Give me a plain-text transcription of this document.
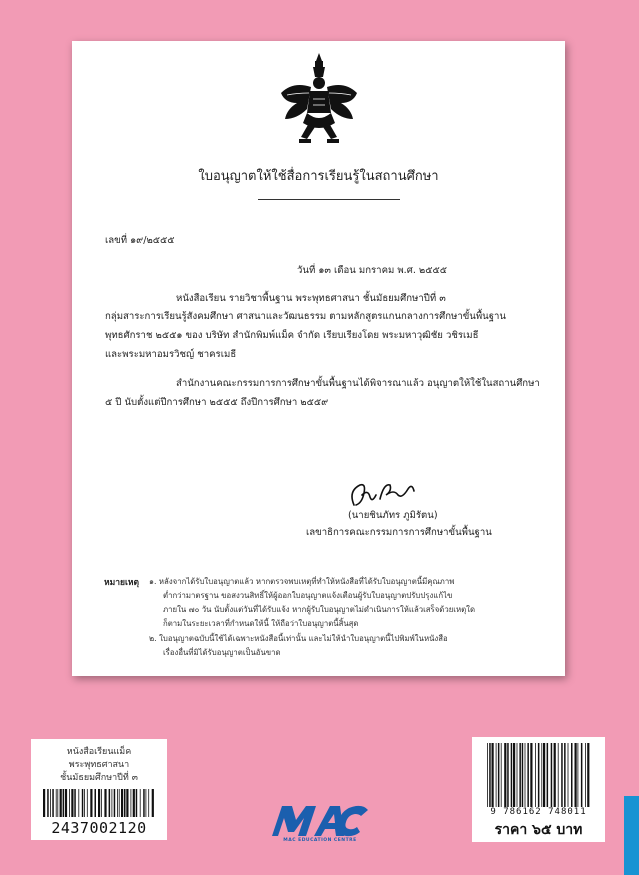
ใบอนุญาตให้ใช้สื่อการเรียนรู้ในสถานศึกษา
เลขที่ ๑๙/๒๕๕๕
วันที่ ๑๓ เดือน มกราคม พ.ศ. ๒๕๕๕
หนังสือเรียน รายวิชาพื้นฐาน พระพุทธศาสนา ชั้นมัธยมศึกษาปีที่ ๓
กลุ่มสาระการเรียนรู้สังคมศึกษา ศาสนาและวัฒนธรรม ตามหลักสูตรแกนกลางการศึกษาขั้นพื้นฐาน
พุทธศักราช ๒๕๕๑ ของ บริษัท สำนักพิมพ์แม็ค จำกัด เรียบเรียงโดย พระมหาวุฒิชัย วชิรเมธี
และพระมหาอมรวิชญ์ ชาครเมธี
สำนักงานคณะกรรมการการศึกษาขั้นพื้นฐานได้พิจารณาแล้ว อนุญาตให้ใช้ในสถานศึกษา
๕ ปี นับตั้งแต่ปีการศึกษา ๒๕๕๕ ถึงปีการศึกษา ๒๕๕๙
(นายชินภัทร ภูมิรัตน)
เลขาธิการคณะกรรมการการศึกษาขั้นพื้นฐาน
หมายเหตุ ๑. หลังจากได้รับใบอนุญาตแล้ว หากตรวจพบเหตุที่ทำให้หนังสือที่ได้รับใบอนุญาตนี้มีคุณภาพ
ต่ำกว่ามาตรฐาน ขอสงวนสิทธิ์ให้ผู้ออกใบอนุญาตแจ้งเตือนผู้รับใบอนุญาตปรับปรุงแก้ไข
ภายใน ๗๐ วัน นับตั้งแต่วันที่ได้รับแจ้ง หากผู้รับใบอนุญาตไม่ดำเนินการให้แล้วเสร็จด้วยเหตุใด
ก็ตามในระยะเวลาที่กำหนดให้นี้ ให้ถือว่าใบอนุญาตนี้สิ้นสุด
๒. ใบอนุญาตฉบับนี้ใช้ได้เฉพาะหนังสือนี้เท่านั้น และไม่ให้นำใบอนุญาตนี้ไปพิมพ์ในหนังสือ
เรื่องอื่นที่มิได้รับอนุญาตเป็นอันขาด
หนังสือเรียนแม็ค
พระพุทธศาสนา
ชั้นมัธยมศึกษาปีที่ ๓
2437002120
MAC EDUCATION CENTRE
9 786162 748011
ราคา ๖๕ บาท
